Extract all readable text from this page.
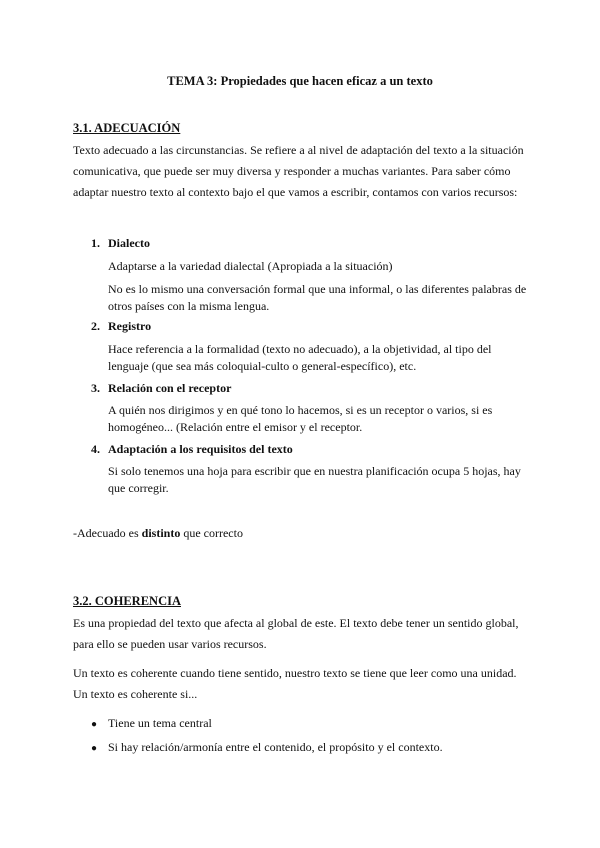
TEMA 3: Propiedades que hacen eficaz a un texto
3.1. ADECUACIÓN
Texto adecuado a las circunstancias. Se refiere a al nivel de adaptación del texto a la situación comunicativa, que puede ser muy diversa y responder a muchas variantes. Para saber cómo adaptar nuestro texto al contexto bajo el que vamos a escribir, contamos con varios recursos:
1. Dialecto
Adaptarse a la variedad dialectal (Apropiada a la situación)
No es lo mismo una conversación formal que una informal, o las diferentes palabras de otros países con la misma lengua.
2. Registro
Hace referencia a la formalidad (texto no adecuado), a la objetividad, al tipo del lenguaje (que sea más coloquial-culto o general-específico), etc.
3. Relación con el receptor
A quién nos dirigimos y en qué tono lo hacemos, si es un receptor o varios, si es homogéneo... (Relación entre el emisor y el receptor.
4. Adaptación a los requisitos del texto
Si solo tenemos una hoja para escribir que en nuestra planificación ocupa 5 hojas, hay que corregir.
-Adecuado es distinto que correcto
3.2. COHERENCIA
Es una propiedad del texto que afecta al global de este. El texto debe tener un sentido global, para ello se pueden usar varios recursos.
Un texto es coherente cuando tiene sentido, nuestro texto se tiene que leer como una unidad. Un texto es coherente si...
● Tiene un tema central
● Si hay relación/armonía entre el contenido, el propósito y el contexto.
